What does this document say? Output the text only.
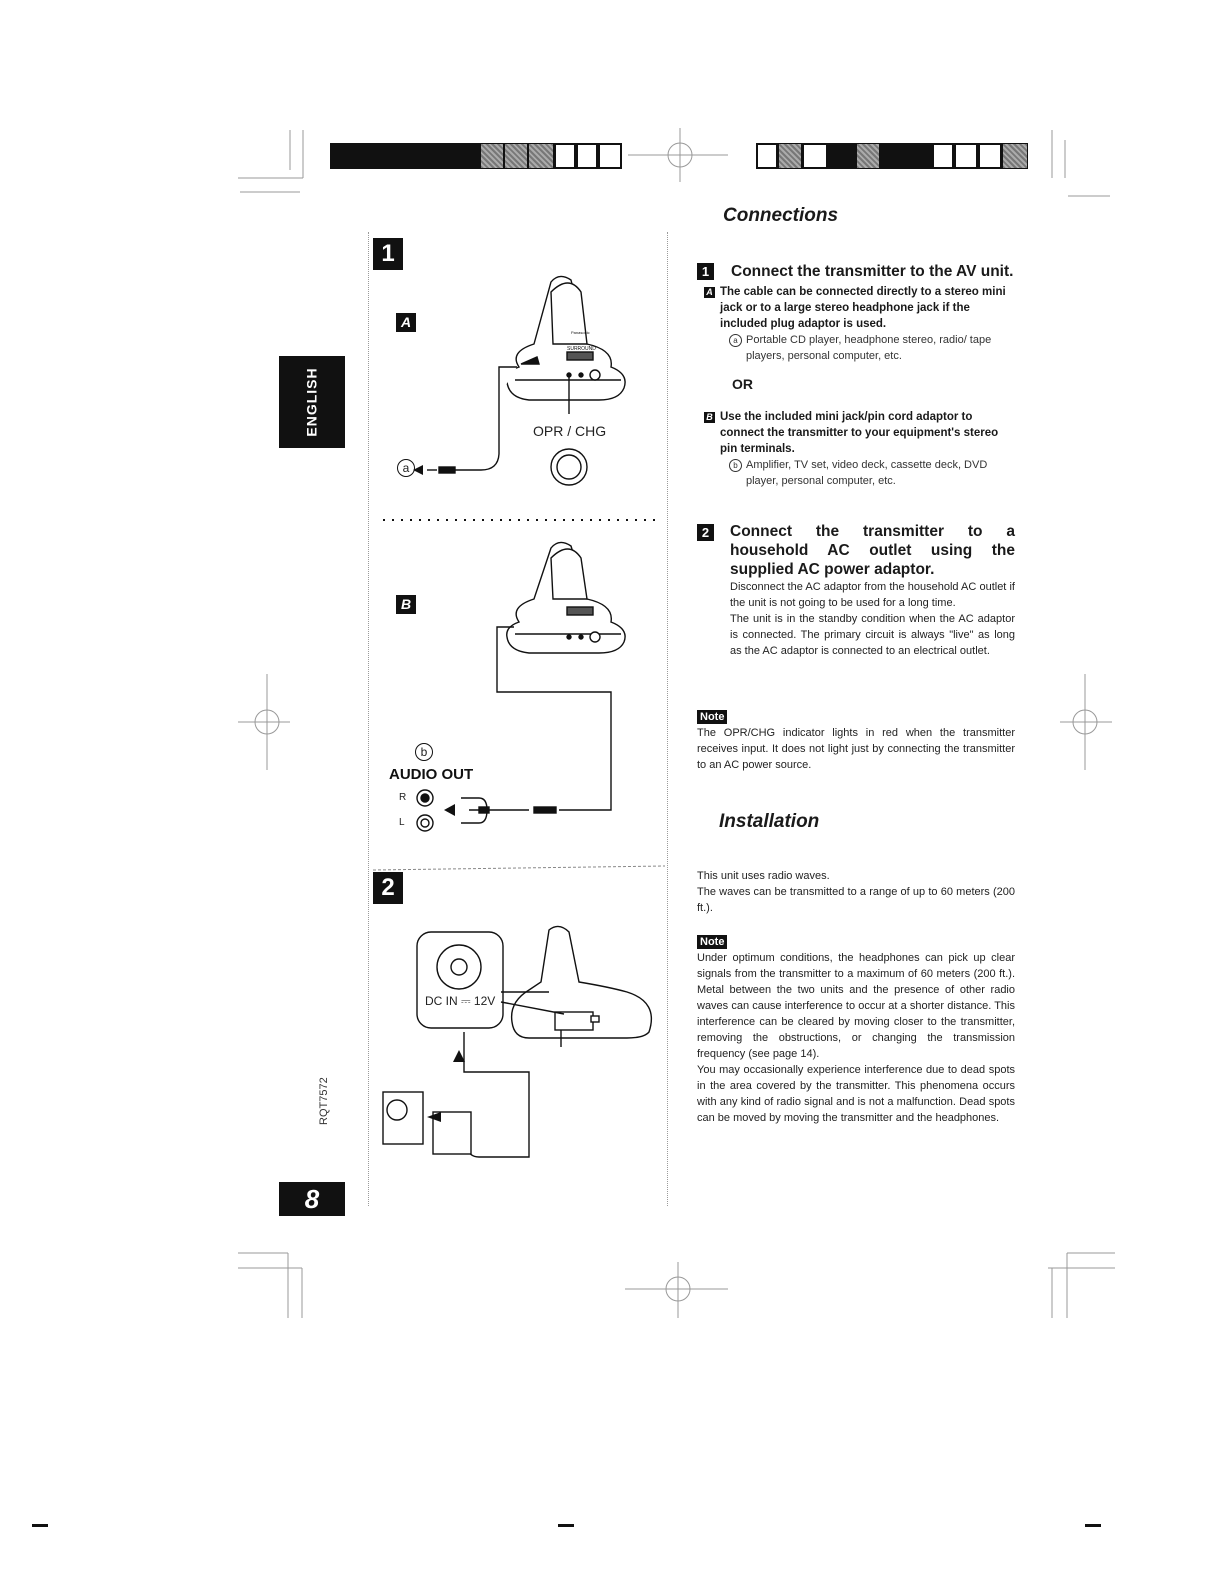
ENGLISH
RQT7572
8
Panasonic
SURROUND
1
A
OPR / CHG
a
B
b
AUDIO OUT
R
L
2
DC IN ⎓ 12V
Connections
1	Connect the transmitter to the AV unit.
A The cable can be connected directly to a stereo mini jack or to a large stereo headphone jack if the included plug adaptor is used.
a Portable CD player, headphone stereo, radio/ tape players, personal computer, etc.
OR
B Use the included mini jack/pin cord adaptor to connect the transmitter to your equipment's stereo pin terminals.
b Amplifier, TV set, video deck, cassette deck, DVD player, personal computer, etc.
2	Connect the transmitter to a household AC outlet using the supplied AC power adaptor.
Disconnect the AC adaptor from the household AC outlet if the unit is not going to be used for a long time.
The unit is in the standby condition when the AC adaptor is connected. The primary circuit is always "live" as long as the AC adaptor is connected to an electrical outlet.
Note
The OPR/CHG indicator lights in red when the transmitter receives input. It does not light just by connecting the transmitter to an AC power source.
Installation
This unit uses radio waves.
The waves can be transmitted to a range of up to 60 meters (200 ft.).
Note
Under optimum conditions, the headphones can pick up clear signals from the transmitter to a maximum of 60 meters (200 ft.). Metal between the two units and the presence of other radio waves can cause interference to occur at a shorter distance. This interference can be cleared by moving closer to the transmitter, removing the obstructions, or changing the transmission frequency (see page 14).
You may occasionally experience interference due to dead spots in the area covered by the transmitter. This phenomena occurs with any kind of radio signal and is not a malfunction. Dead spots can be moved by moving the transmitter and the headphones.
